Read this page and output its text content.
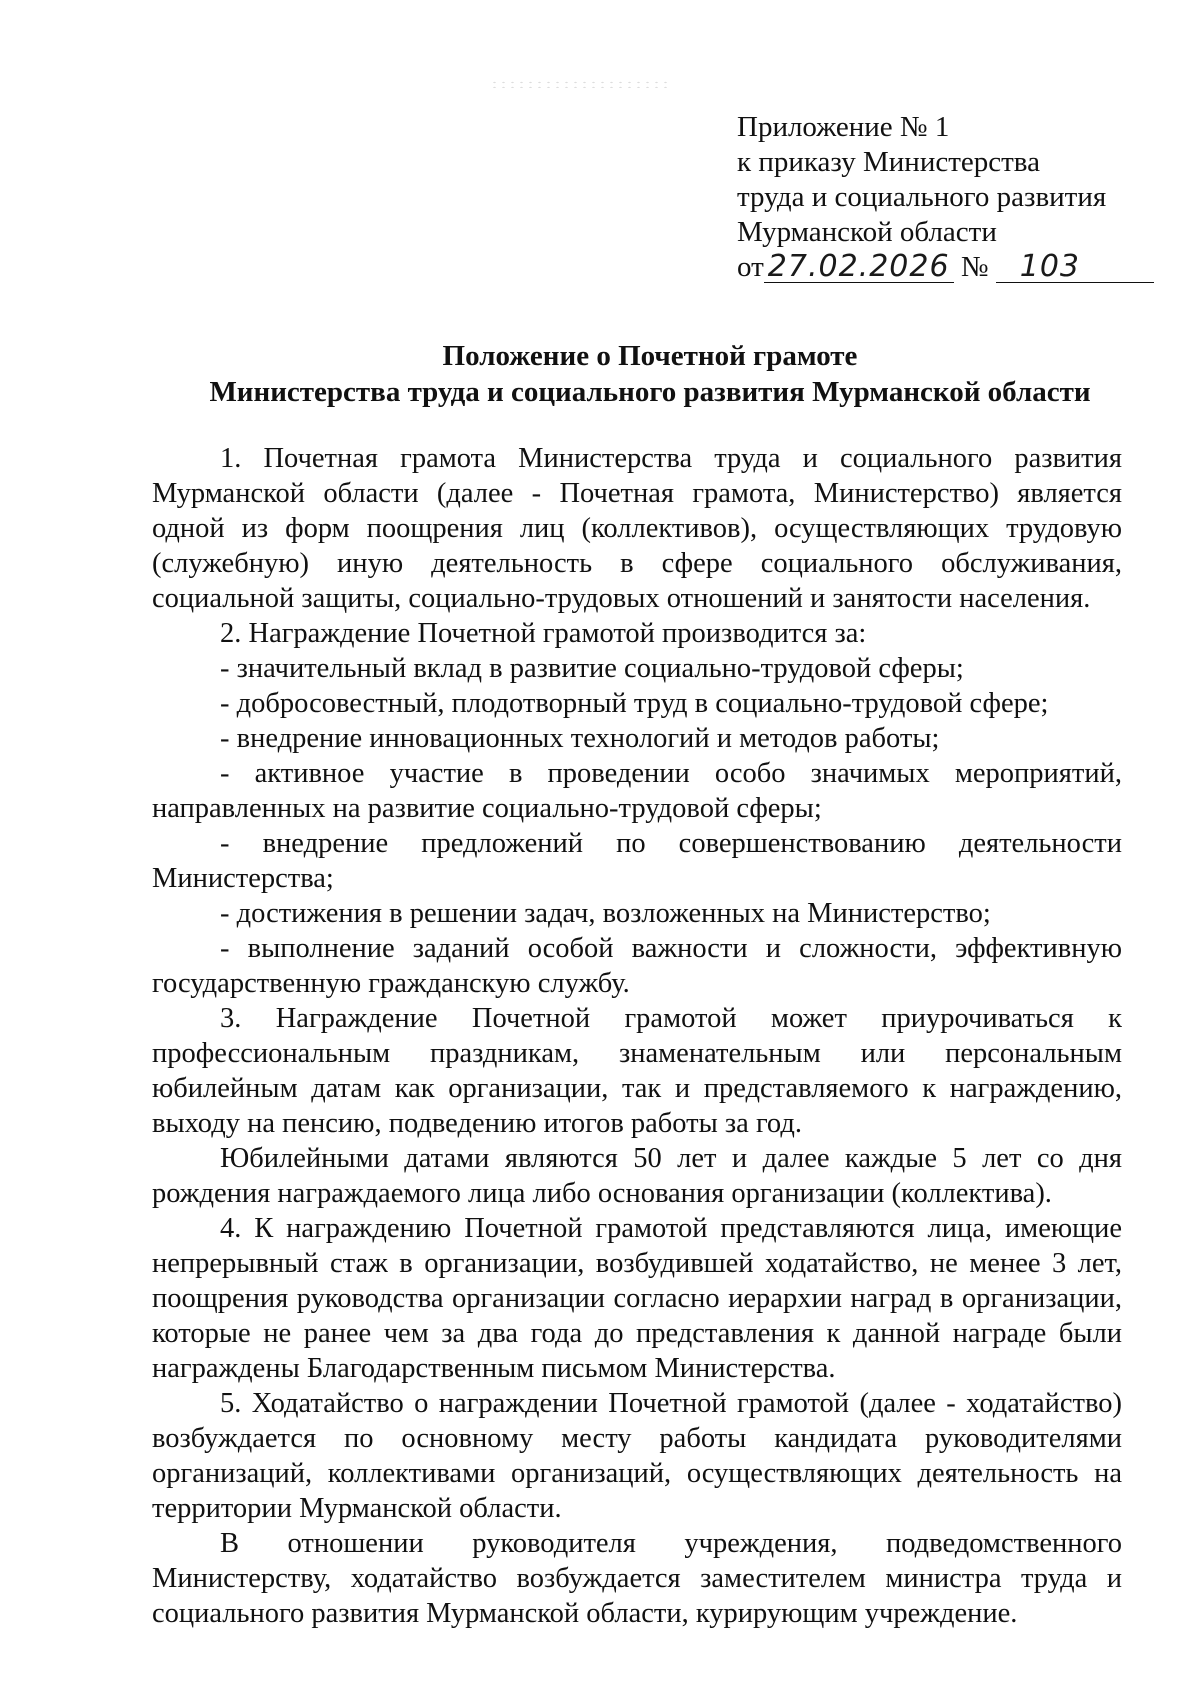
Приложение № 1
к приказу Министерства
труда и социального развития
Мурманской области
от 27.02.2026 № 103
Положение о Почетной грамоте
Министерства труда и социального развития Мурманской области

1. Почетная грамота Министерства труда и социального развития Мурманской области (далее - Почетная грамота, Министерство) является одной из форм поощрения лиц (коллективов), осуществляющих трудовую (служебную) иную деятельность в сфере социального обслуживания, социальной защиты, социально-трудовых отношений и занятости населения.

2. Награждение Почетной грамотой производится за:

- значительный вклад в развитие социально-трудовой сферы;

- добросовестный, плодотворный труд в социально-трудовой сфере;

- внедрение инновационных технологий и методов работы;

- активное участие в проведении особо значимых мероприятий, направленных на развитие социально-трудовой сферы;

- внедрение предложений по совершенствованию деятельности Министерства;

- достижения в решении задач, возложенных на Министерство;

- выполнение заданий особой важности и сложности, эффективную государственную гражданскую службу.

3. Награждение Почетной грамотой может приурочиваться к профессиональным праздникам, знаменательным или персональным юбилейным датам как организации, так и представляемого к награждению, выходу на пенсию, подведению итогов работы за год.

Юбилейными датами являются 50 лет и далее каждые 5 лет со дня рождения награждаемого лица либо основания организации (коллектива).

4. К награждению Почетной грамотой представляются лица, имеющие непрерывный стаж в организации, возбудившей ходатайство, не менее 3 лет, поощрения руководства организации согласно иерархии наград в организации, которые не ранее чем за два года до представления к данной награде были награждены Благодарственным письмом Министерства.

5. Ходатайство о награждении Почетной грамотой (далее - ходатайство) возбуждается по основному месту работы кандидата руководителями организаций, коллективами организаций, осуществляющих деятельность на территории Мурманской области.

В отношении руководителя учреждения, подведомственного Министерству, ходатайство возбуждается заместителем министра труда и социального развития Мурманской области, курирующим учреждение.
